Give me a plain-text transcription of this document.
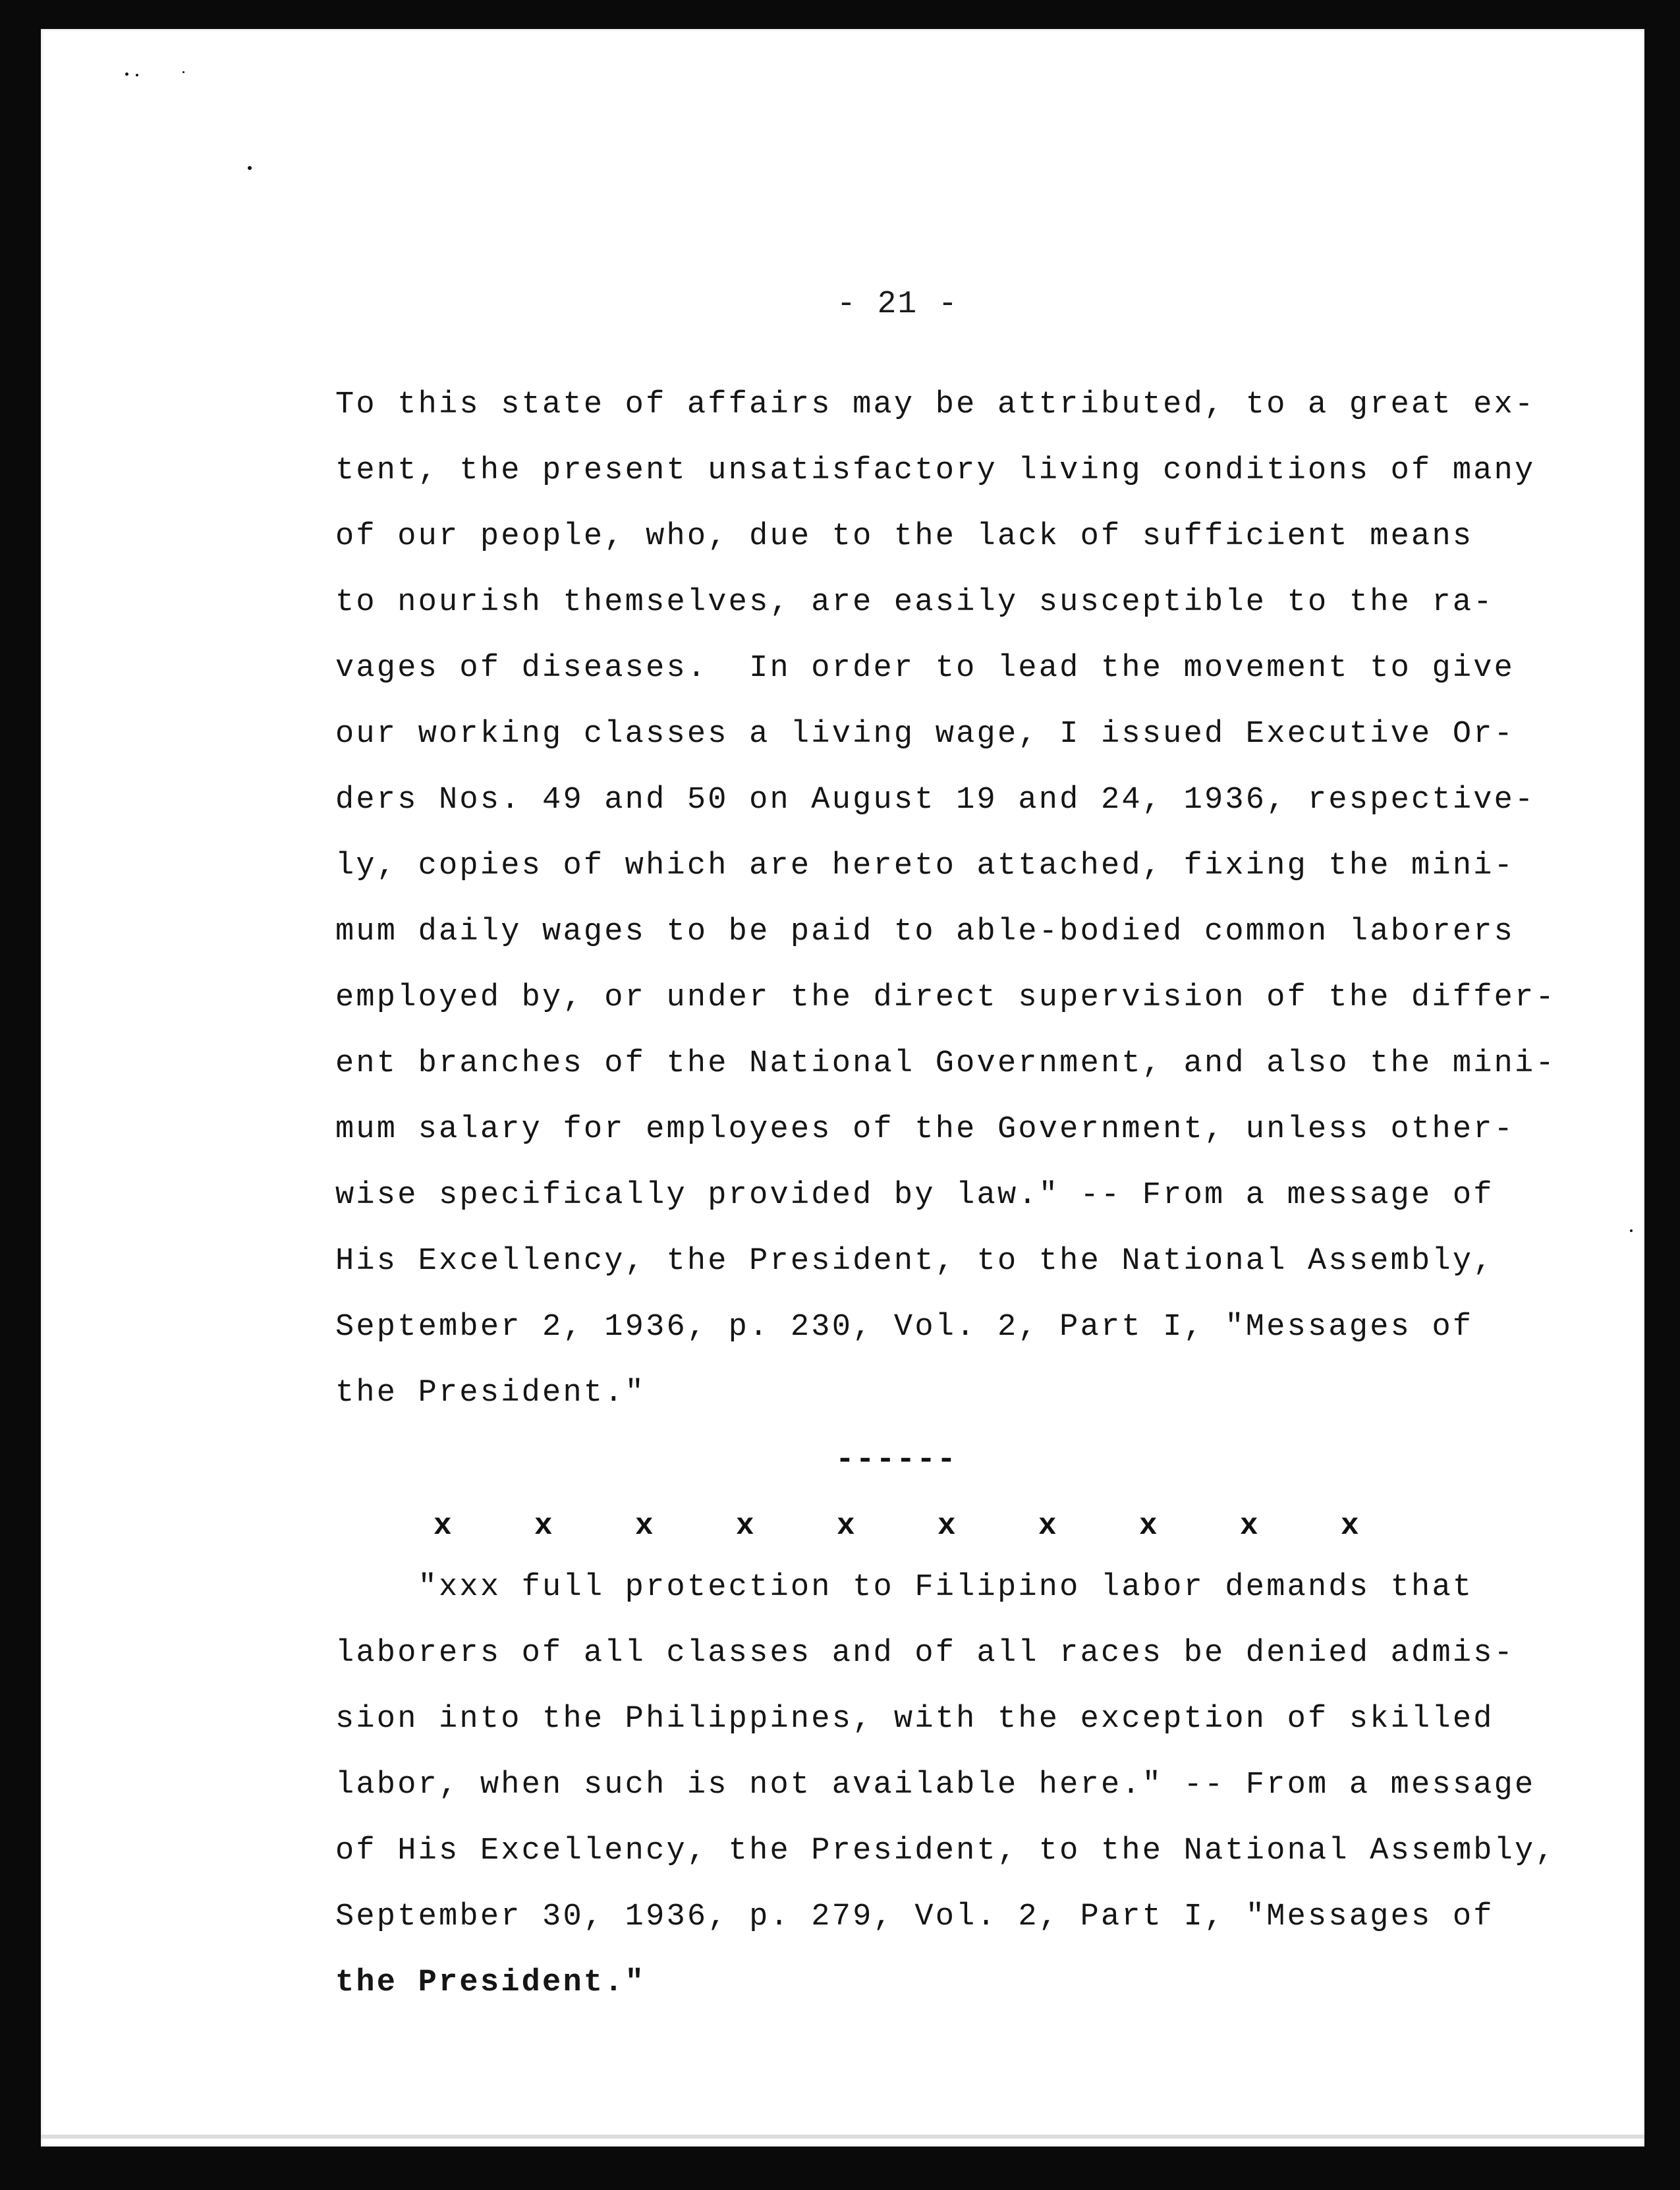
- 21 -
To this state of affairs may be attributed, to a great ex-
tent, the present unsatisfactory living conditions of many
of our people, who, due to the lack of sufficient means
to nourish themselves, are easily susceptible to the ra-
vages of diseases.  In order to lead the movement to give
our working classes a living wage, I issued Executive Or-
ders Nos. 49 and 50 on August 19 and 24, 1936, respective-
ly, copies of which are hereto attached, fixing the mini-
mum daily wages to be paid to able-bodied common laborers
employed by, or under the direct supervision of the differ-
ent branches of the National Government, and also the mini-
mum salary for employees of the Government, unless other-
wise specifically provided by law." -- From a message of
His Excellency, the President, to the National Assembly,
September 2, 1936, p. 230, Vol. 2, Part I, "Messages of
the President."
------
x	x	x	x	x	x	x	x	x	x
"xxx full protection to Filipino labor demands that
laborers of all classes and of all races be denied admis-
sion into the Philippines, with the exception of skilled
labor, when such is not available here." -- From a message
of His Excellency, the President, to the National Assembly,
September 30, 1936, p. 279, Vol. 2, Part I, "Messages of
the President."
